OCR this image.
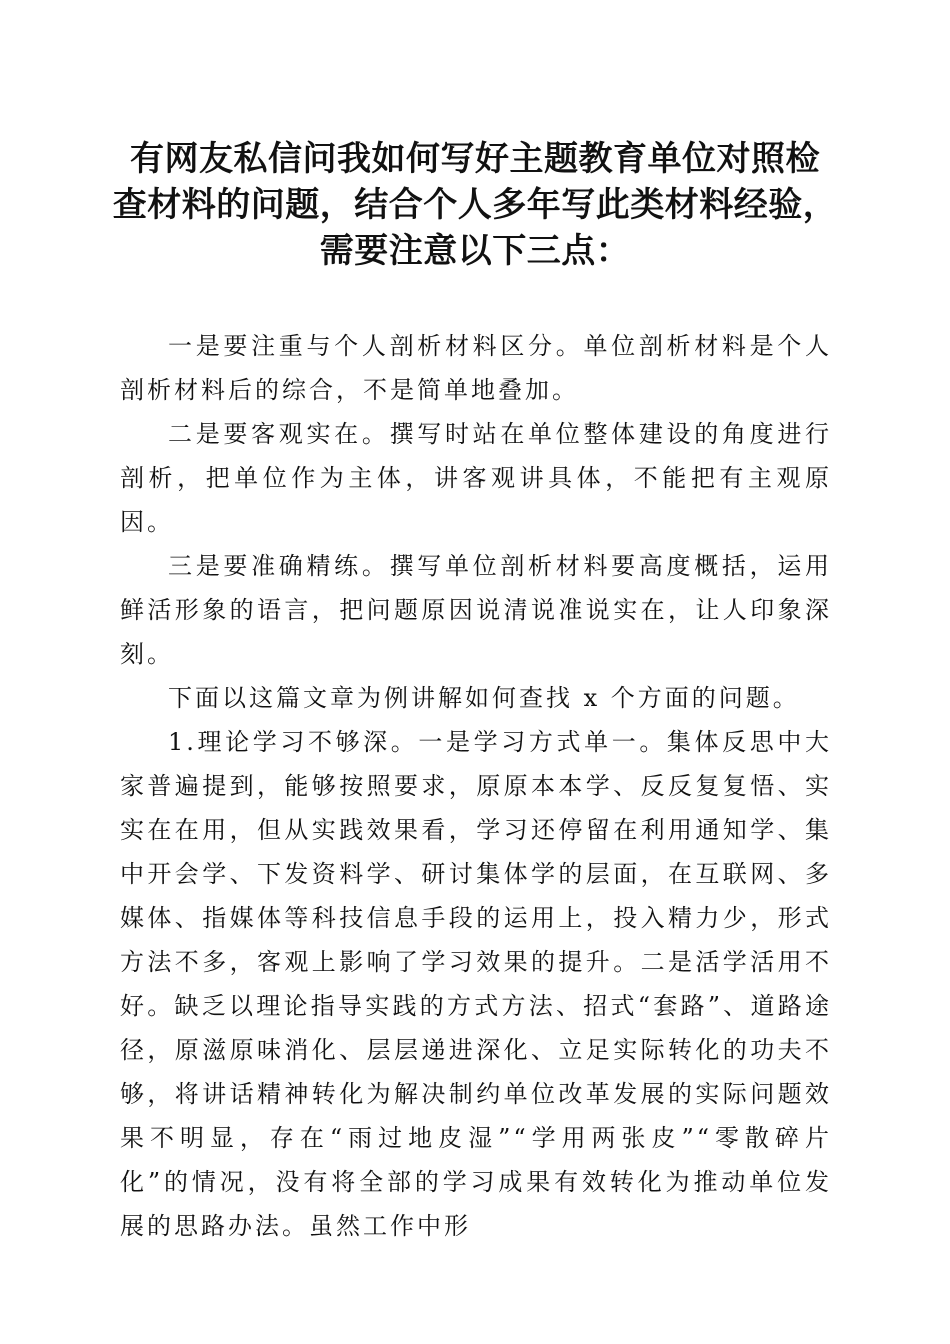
有网友私信问我如何写好主题教育单位对照检
查材料的问题，结合个人多年写此类材料经验，
需要注意以下三点：

一是要注重与个人剖析材料区分。单位剖析材料是个人剖析材料后的综合，不是简单地叠加。

二是要客观实在。撰写时站在单位整体建设的角度进行剖析，把单位作为主体，讲客观讲具体，不能把有主观原因。

三是要准确精练。撰写单位剖析材料要高度概括，运用鲜活形象的语言，把问题原因说清说准说实在，让人印象深刻。

下面以这篇文章为例讲解如何查找 x 个方面的问题。

1.理论学习不够深。一是学习方式单一。集体反思中大家普遍提到，能够按照要求，原原本本学、反反复复悟、实实在在用，但从实践效果看，学习还停留在利用通知学、集中开会学、下发资料学、研讨集体学的层面，在互联网、多媒体、指媒体等科技信息手段的运用上，投入精力少，形式方法不多，客观上影响了学习效果的提升。二是活学活用不好。缺乏以理论指导实践的方式方法、招式“套路”、道路途径，原滋原味消化、层层递进深化、立足实际转化的功夫不够，将讲话精神转化为解决制约单位改革发展的实际问题效果不明显，存在“雨过地皮湿”“学用两张皮”“零散碎片化”的情况，没有将全部的学习成果有效转化为推动单位发展的思路办法。虽然工作中形
